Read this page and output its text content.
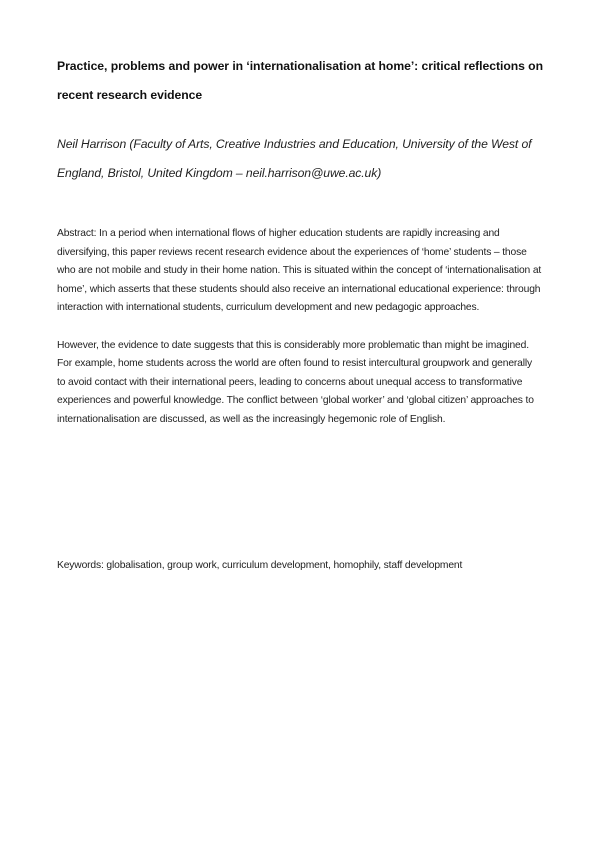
Practice, problems and power in ‘internationalisation at home’: critical reflections on recent research evidence

Neil Harrison (Faculty of Arts, Creative Industries and Education, University of the West of England, Bristol, United Kingdom – neil.harrison@uwe.ac.uk)

Abstract: In a period when international flows of higher education students are rapidly increasing and diversifying, this paper reviews recent research evidence about the experiences of ‘home’ students – those who are not mobile and study in their home nation. This is situated within the concept of ‘internationalisation at home’, which asserts that these students should also receive an international educational experience: through interaction with international students, curriculum development and new pedagogic approaches.

However, the evidence to date suggests that this is considerably more problematic than might be imagined. For example, home students across the world are often found to resist intercultural groupwork and generally to avoid contact with their international peers, leading to concerns about unequal access to transformative experiences and powerful knowledge. The conflict between ‘global worker’ and ‘global citizen’ approaches to internationalisation are discussed, as well as the increasingly hegemonic role of English.

Keywords: globalisation, group work, curriculum development, homophily, staff development
